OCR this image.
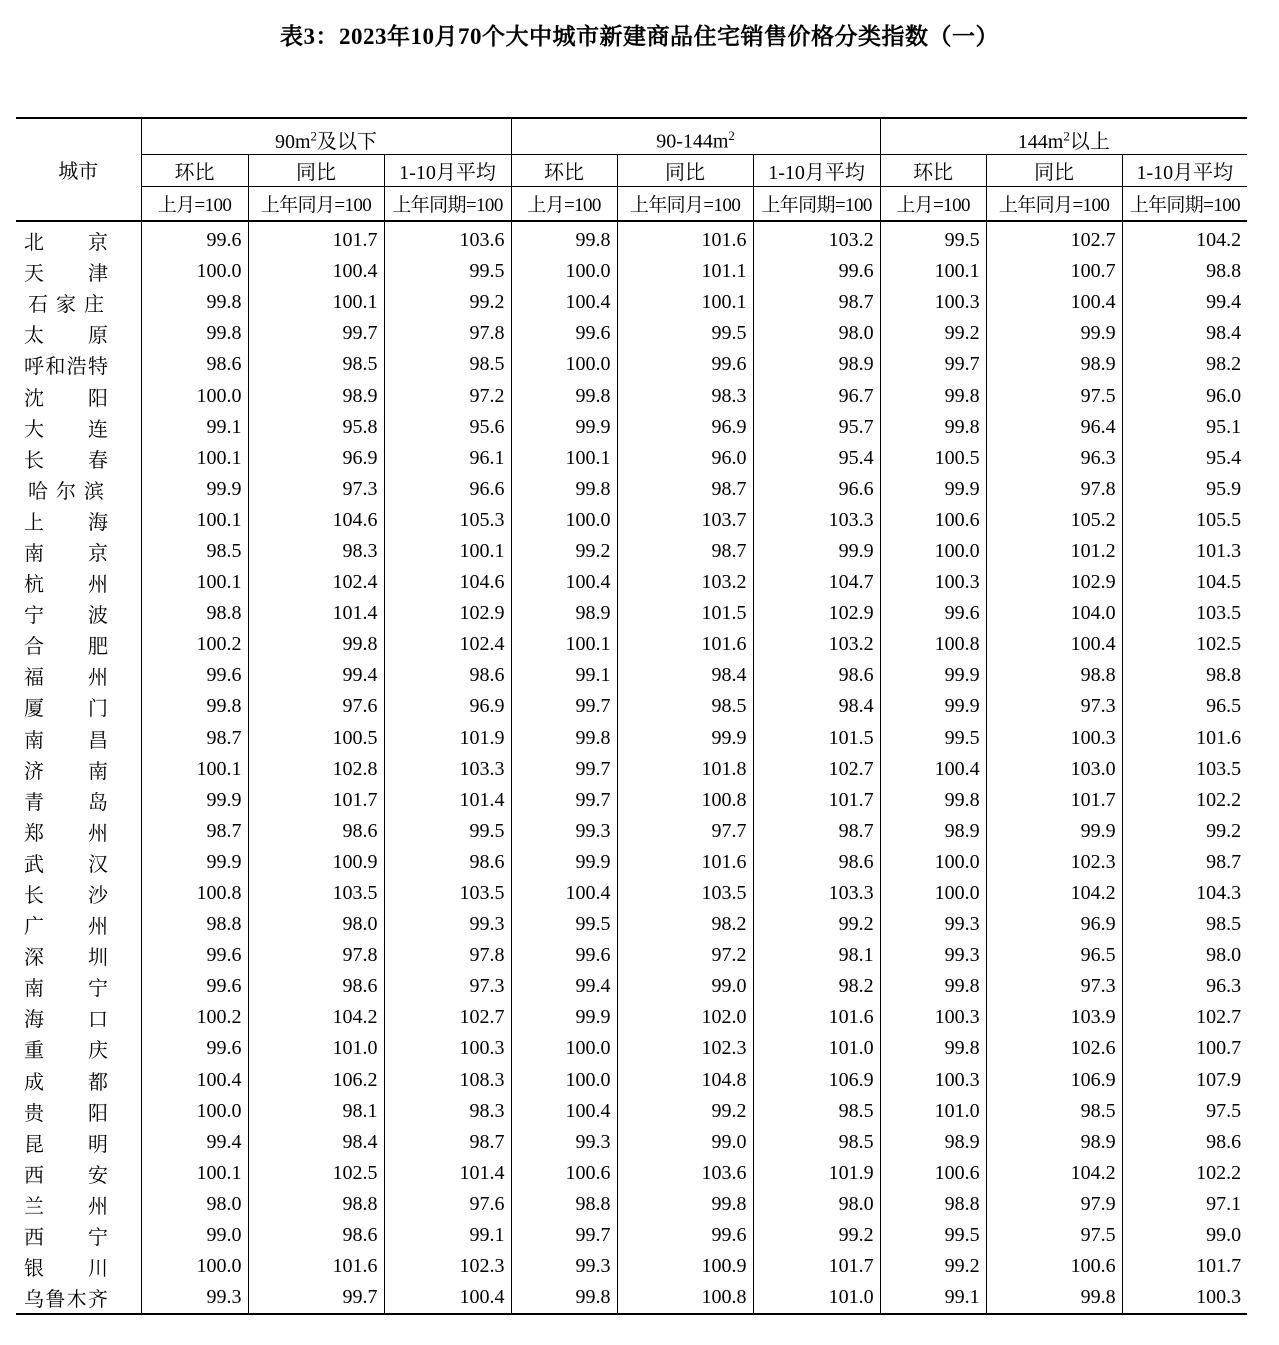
表3：2023年10月70个大中城市新建商品住宅销售价格分类指数（一）
城市	$90m^2$及以下			$90-144m^2$			$144m^2$以上		
	环比	同比	1-10月平均	环比	同比	1-10月平均	环比	同比	1-10月平均
	上月=100	上年同月=100	上年同期=100	上月=100	上年同月=100	上年同期=100	上月=100	上年同月=100	上年同期=100
北京	99.6	101.7	103.6	99.8	101.6	103.2	99.5	102.7	104.2
天津	100.0	100.4	99.5	100.0	101.1	99.6	100.1	100.7	98.8
石家庄	99.8	100.1	99.2	100.4	100.1	98.7	100.3	100.4	99.4
太原	99.8	99.7	97.8	99.6	99.5	98.0	99.2	99.9	98.4
呼和浩特	98.6	98.5	98.5	100.0	99.6	98.9	99.7	98.9	98.2
沈阳	100.0	98.9	97.2	99.8	98.3	96.7	99.8	97.5	96.0
大连	99.1	95.8	95.6	99.9	96.9	95.7	99.8	96.4	95.1
长春	100.1	96.9	96.1	100.1	96.0	95.4	100.5	96.3	95.4
哈尔滨	99.9	97.3	96.6	99.8	98.7	96.6	99.9	97.8	95.9
上海	100.1	104.6	105.3	100.0	103.7	103.3	100.6	105.2	105.5
南京	98.5	98.3	100.1	99.2	98.7	99.9	100.0	101.2	101.3
杭州	100.1	102.4	104.6	100.4	103.2	104.7	100.3	102.9	104.5
宁波	98.8	101.4	102.9	98.9	101.5	102.9	99.6	104.0	103.5
合肥	100.2	99.8	102.4	100.1	101.6	103.2	100.8	100.4	102.5
福州	99.6	99.4	98.6	99.1	98.4	98.6	99.9	98.8	98.8
厦门	99.8	97.6	96.9	99.7	98.5	98.4	99.9	97.3	96.5
南昌	98.7	100.5	101.9	99.8	99.9	101.5	99.5	100.3	101.6
济南	100.1	102.8	103.3	99.7	101.8	102.7	100.4	103.0	103.5
青岛	99.9	101.7	101.4	99.7	100.8	101.7	99.8	101.7	102.2
郑州	98.7	98.6	99.5	99.3	97.7	98.7	98.9	99.9	99.2
武汉	99.9	100.9	98.6	99.9	101.6	98.6	100.0	102.3	98.7
长沙	100.8	103.5	103.5	100.4	103.5	103.3	100.0	104.2	104.3
广州	98.8	98.0	99.3	99.5	98.2	99.2	99.3	96.9	98.5
深圳	99.6	97.8	97.8	99.6	97.2	98.1	99.3	96.5	98.0
南宁	99.6	98.6	97.3	99.4	99.0	98.2	99.8	97.3	96.3
海口	100.2	104.2	102.7	99.9	102.0	101.6	100.3	103.9	102.7
重庆	99.6	101.0	100.3	100.0	102.3	101.0	99.8	102.6	100.7
成都	100.4	106.2	108.3	100.0	104.8	106.9	100.3	106.9	107.9
贵阳	100.0	98.1	98.3	100.4	99.2	98.5	101.0	98.5	97.5
昆明	99.4	98.4	98.7	99.3	99.0	98.5	98.9	98.9	98.6
西安	100.1	102.5	101.4	100.6	103.6	101.9	100.6	104.2	102.2
兰州	98.0	98.8	97.6	98.8	99.8	98.0	98.8	97.9	97.1
西宁	99.0	98.6	99.1	99.7	99.6	99.2	99.5	97.5	99.0
银川	100.0	101.6	102.3	99.3	100.9	101.7	99.2	100.6	101.7
乌鲁木齐	99.3	99.7	100.4	99.8	100.8	101.0	99.1	99.8	100.3
